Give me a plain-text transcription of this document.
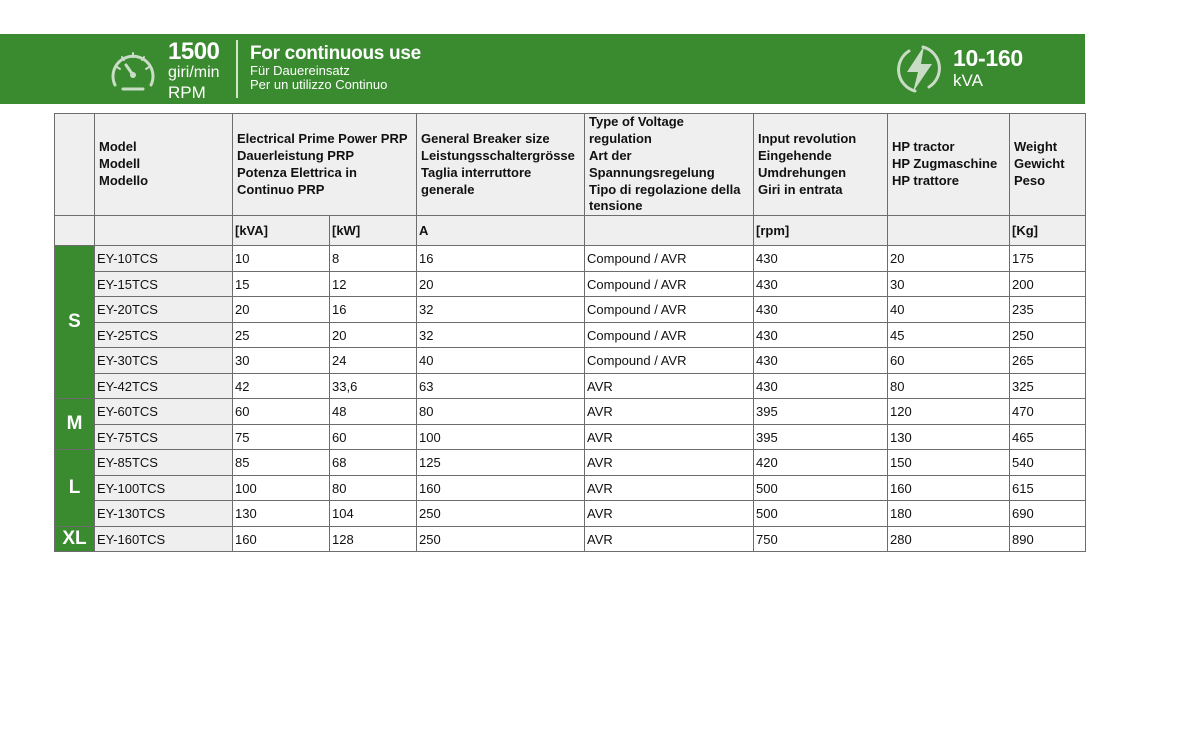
1500
giri/min
RPM
For continuous use
Für Dauereinsatz
Per un utilizzo Continuo
10-160
kVA

	Model
Modell
Modello	Electrical Prime Power PRP
Dauerleistung PRP
Potenza Elettrica in
Continuo PRP		General Breaker size
Leistungsschaltergrösse
Taglia interruttore
generale	Type of Voltage regulation
Art der
Spannungsregelung
Tipo di regolazione della
tensione	Input revolution
Eingehende
Umdrehungen
Giri in entrata	HP tractor
HP Zugmaschine
HP trattore	Weight
Gewicht
Peso

		[kVA]	[kW]	A		[rpm]		[Kg]
S	EY-10TCS	10	8	16	Compound / AVR	430	20	175
	EY-15TCS	15	12	20	Compound / AVR	430	30	200
	EY-20TCS	20	16	32	Compound / AVR	430	40	235
	EY-25TCS	25	20	32	Compound / AVR	430	45	250
	EY-30TCS	30	24	40	Compound / AVR	430	60	265
	EY-42TCS	42	33,6	63	AVR	430	80	325
M	EY-60TCS	60	48	80	AVR	395	120	470
	EY-75TCS	75	60	100	AVR	395	130	465
L	EY-85TCS	85	68	125	AVR	420	150	540
	EY-100TCS	100	80	160	AVR	500	160	615
	EY-130TCS	130	104	250	AVR	500	180	690
XL	EY-160TCS	160	128	250	AVR	750	280	890
